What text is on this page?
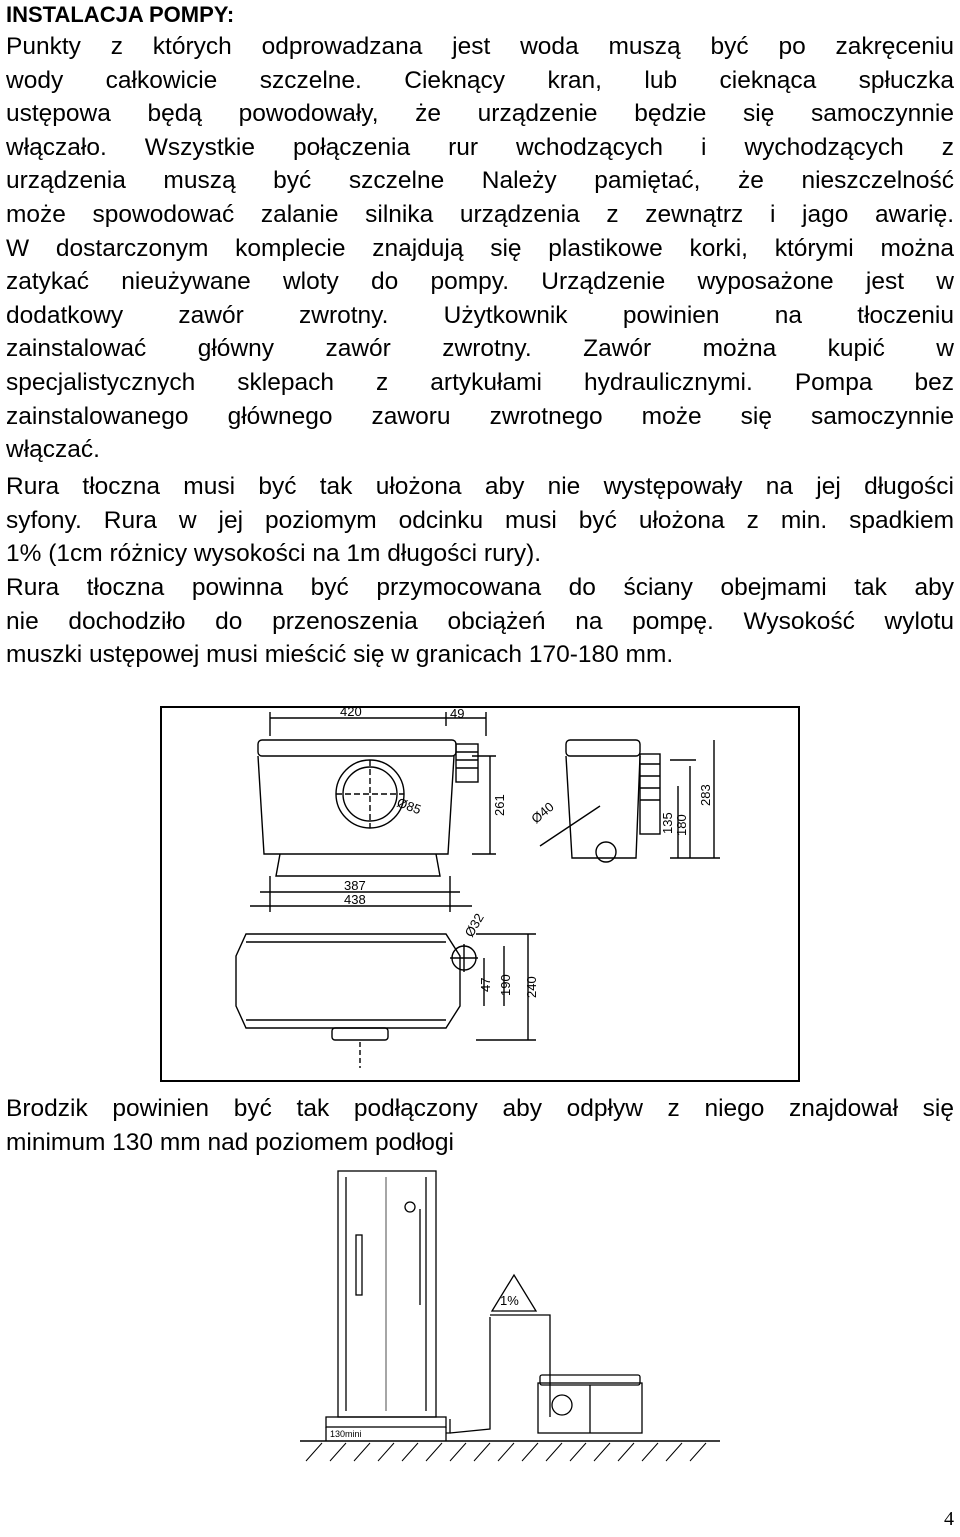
INSTALACJA POMPY:
Punkty z których odprowadzana jest woda muszą być po zakręceniu
wody całkowicie szczelne. Cieknący kran, lub cieknąca spłuczka
ustępowa będą powodowały, że urządzenie będzie się samoczynnie
włączało. Wszystkie połączenia rur wchodzących i wychodzących z
urządzenia muszą być szczelne Należy pamiętać, że nieszczelność
może spowodować zalanie silnika urządzenia z zewnątrz i jago awarię.
W dostarczonym komplecie znajdują się plastikowe korki, którymi można
zatykać nieużywane wloty do pompy. Urządzenie wyposażone jest w
dodatkowy zawór zwrotny. Użytkownik powinien na tłoczeniu
zainstalować główny zawór zwrotny. Zawór można kupić w
specjalistycznych sklepach z artykułami hydraulicznymi. Pompa bez
zainstalowanego głównego zaworu zwrotnego może się samoczynnie
włączać.
Rura tłoczna musi być tak ułożona aby nie występowały na jej długości
syfony. Rura w jej poziomym odcinku musi być ułożona z min. spadkiem
1% (1cm różnicy wysokości na 1m długości rury).
Rura tłoczna powinna być przymocowana do ściany obejmami tak aby
nie dochodziło do przenoszenia obciążeń na pompę. Wysokość wylotu
muszki ustępowej musi mieścić się w granicach 170-180 mm.
420	49
Ø85	261
387
438
Ø40	135 180
283
Ø32
47 190 240
Brodzik powinien być tak podłączony aby odpływ z niego znajdował się
minimum 130 mm nad poziomem podłogi
1%
130mini

4
